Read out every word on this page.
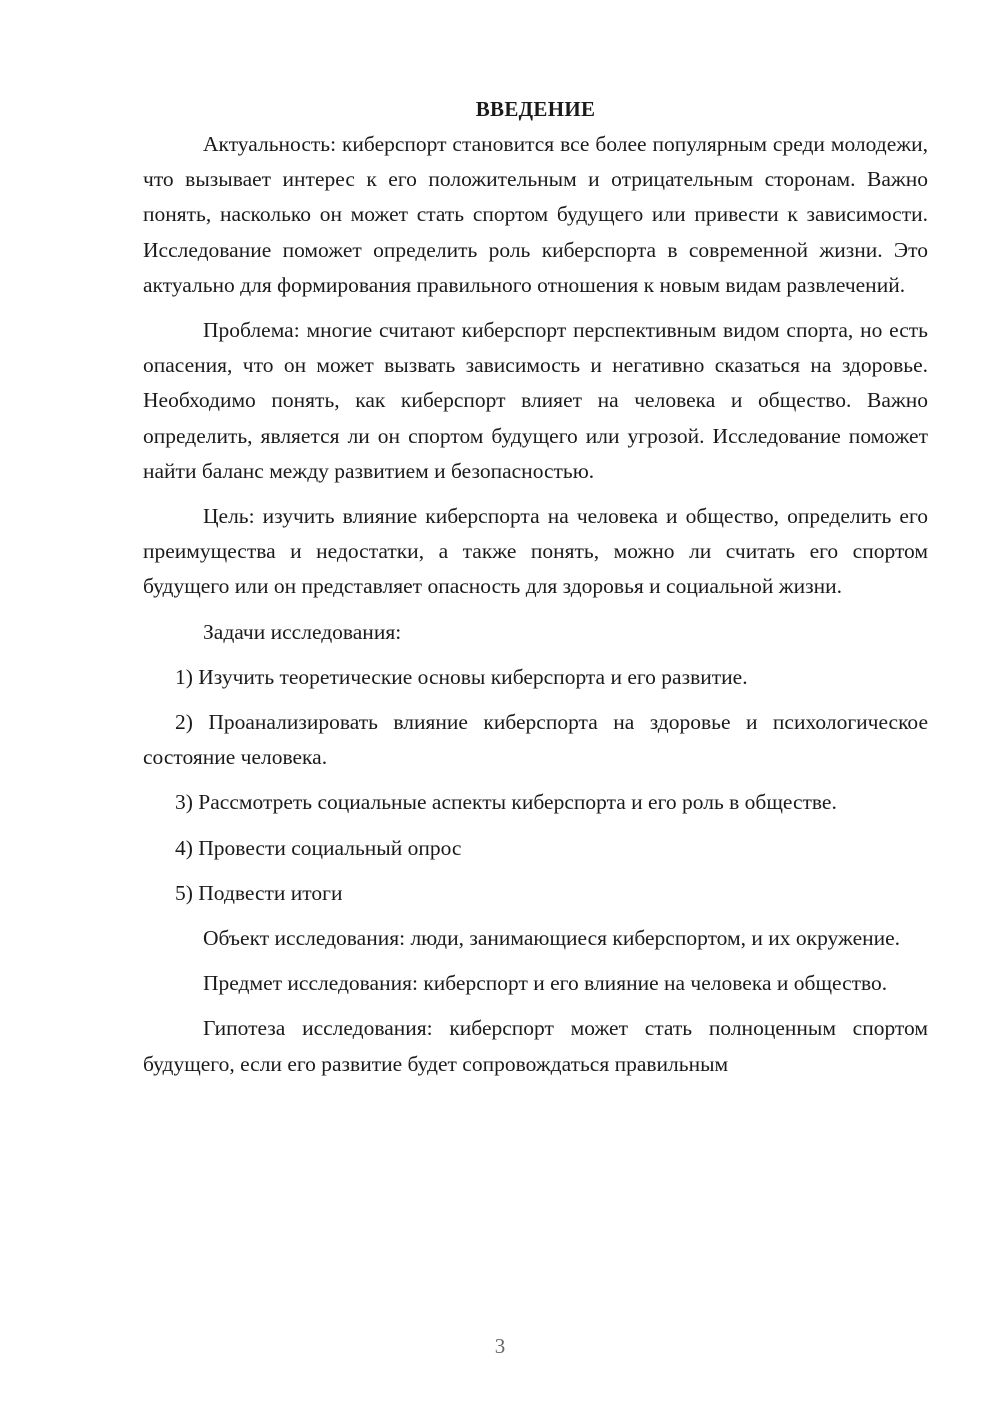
ВВЕДЕНИЕ

Актуальность: киберспорт становится все более популярным среди молодежи, что вызывает интерес к его положительным и отрицательным сторонам. Важно понять, насколько он может стать спортом будущего или привести к зависимости. Исследование поможет определить роль киберспорта в современной жизни. Это актуально для формирования правильного отношения к новым видам развлечений.

Проблема: многие считают киберспорт перспективным видом спорта, но есть опасения, что он может вызвать зависимость и негативно сказаться на здоровье. Необходимо понять, как киберспорт влияет на человека и общество. Важно определить, является ли он спортом будущего или угрозой. Исследование поможет найти баланс между развитием и безопасностью.

Цель: изучить влияние киберспорта на человека и общество, определить его преимущества и недостатки, а также понять, можно ли считать его спортом будущего или он представляет опасность для здоровья и социальной жизни.

Задачи исследования:

1) Изучить теоретические основы киберспорта и его развитие.

2) Проанализировать влияние киберспорта на здоровье и психологическое состояние человека.

3) Рассмотреть социальные аспекты киберспорта и его роль в обществе.

4) Провести социальный опрос

5) Подвести итоги

Объект исследования: люди, занимающиеся киберспортом, и их окружение.

Предмет исследования: киберспорт и его влияние на человека и общество.

Гипотеза исследования: киберспорт может стать полноценным спортом будущего, если его развитие будет сопровождаться правильным

3
